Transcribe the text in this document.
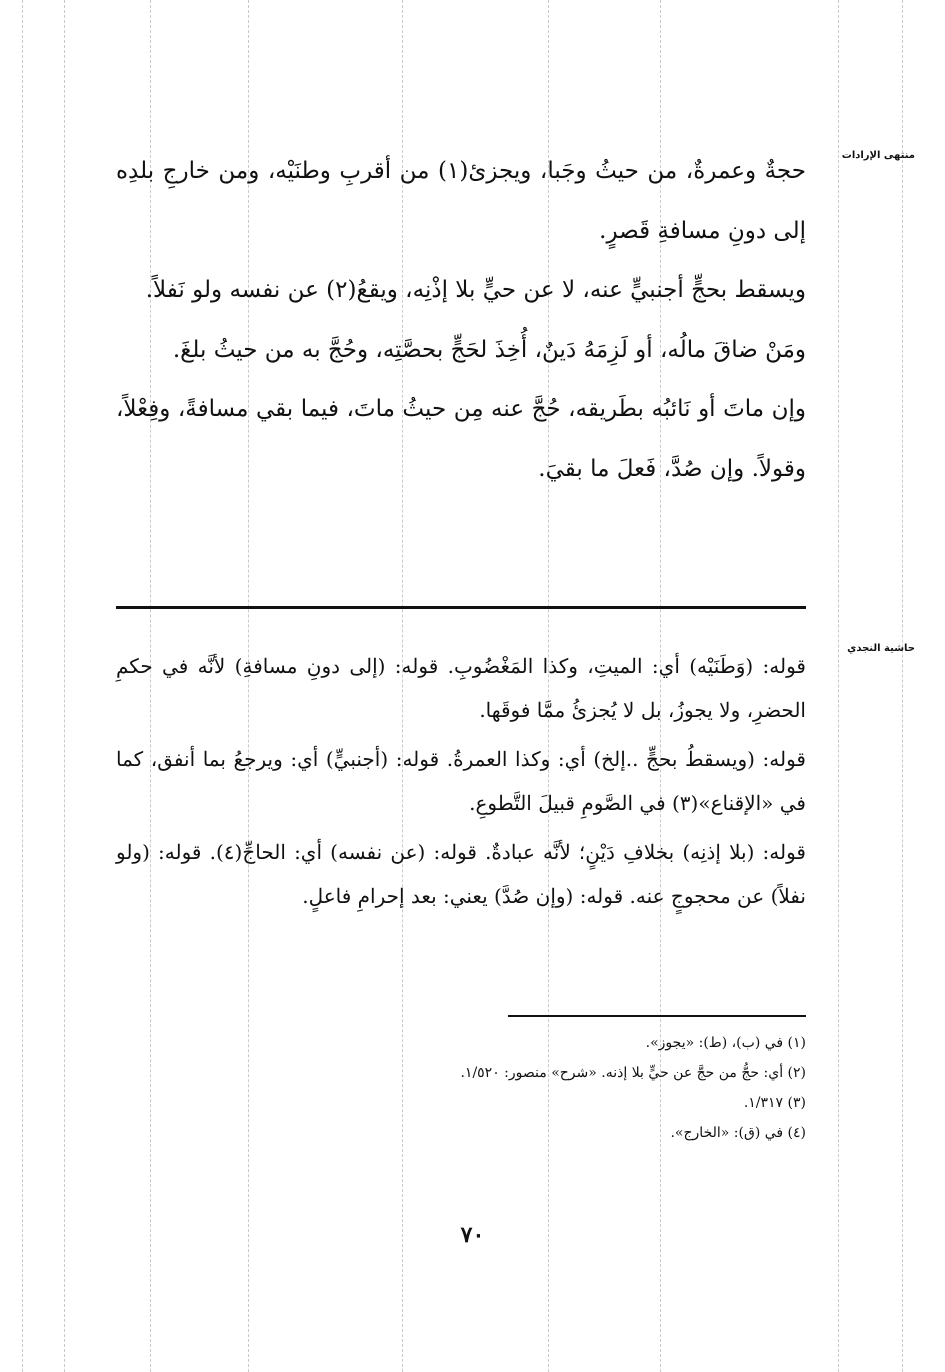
منتهى الإرادات
حاشية النجدي

حجةٌ وعمرةٌ، من حيثُ وجَبا، ويجزئ(١) من أقربِ وطنَيْه، ومن خارجِ بلدِه إلى دونِ مسافةِ قَصرٍ.

ويسقط بحجٍّ أجنبيٍّ عنه، لا عن حيٍّ بلا إذْنِه، ويقعُ(٢) عن نفسه ولو نَفلاً.

ومَنْ ضاقَ مالُه، أو لَزِمَهُ دَينٌ، أُخِذَ لحَجٍّ بحصَّتِه، وحُجَّ به من حيثُ بلغَ.

وإن ماتَ أو نَائبُه بطَريقه، حُجَّ عنه مِن حيثُ ماتَ، فيما بقي مسافةً، وفِعْلاً، وقولاً. وإن صُدَّ، فَعلَ ما بقيَ.

قوله: (وَطَنَيْه) أي: الميتِ، وكذا المَغْضُوبِ. قوله: (إلى دونِ مسافةِ) لأنَّه في حكمِ الحضرِ، ولا يجوزُ، بل لا يُجزئُ ممَّا فوقَها.

قوله: (ويسقطُ بحجٍّ ..إلخ) أي: وكذا العمرةُ. قوله: (أجنبيٍّ) أي: ويرجعُ بما أنفق، كما في «الإقناع»(٣) في الصَّومِ قبيلَ التَّطوعِ.

قوله: (بلا إذنِه) بخلافِ دَيْنٍ؛ لأنَّه عبادةٌ. قوله: (عن نفسه) أي: الحاجِّ(٤). قوله: (ولو نفلاً) عن محجوجٍ عنه. قوله: (وإن صُدَّ) يعني: بعد إحرامِ فاعلٍ.

(١) في (ب)، (ط): «يجوز».
(٢) أي: حجُّ من حجَّ عن حيٍّ بلا إذنه. «شرح» منصور: ١/٥٢٠.
(٣) ١/٣١٧.
(٤) في (ق): «الخارج».
٧٠
